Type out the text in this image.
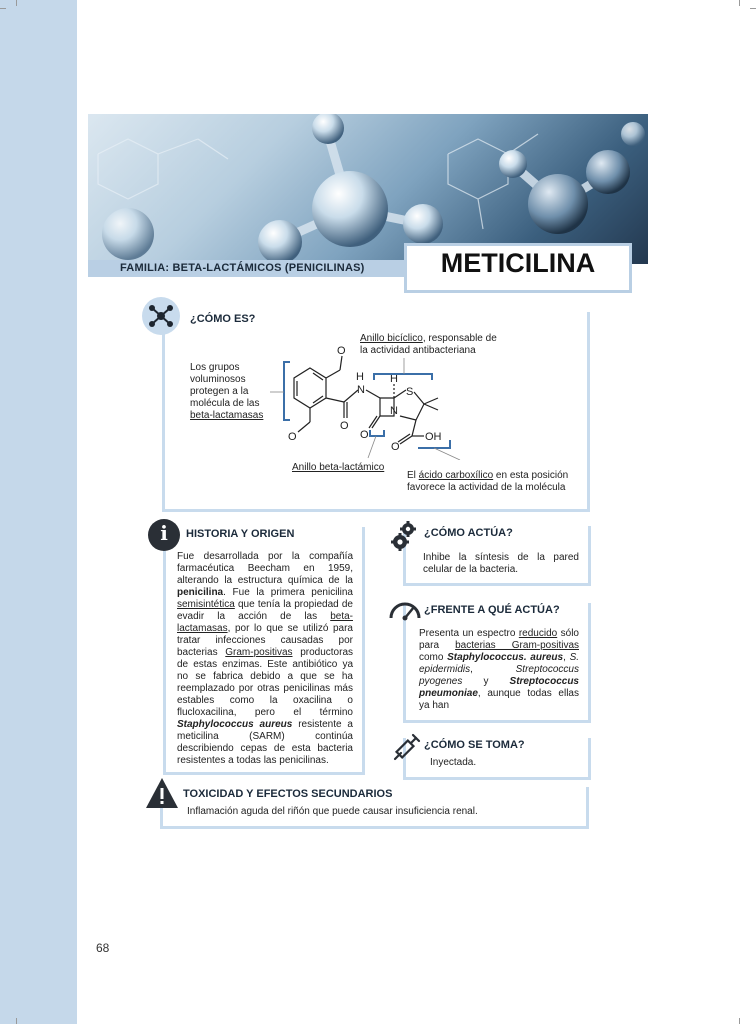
FAMILIA: BETA-LACTÁMICOS (PENICILINAS)	METICILINA
¿CÓMO ES?
Anillo bicíclico, responsable de
la actividad antibacteriana
Los grupos
voluminosos
protegen a la
molécula de las
beta-lactamasas
O
O
H
N
O
H
S
N
O
O
OH
Anillo beta-lactámico
El ácido carboxílico en esta posición
favorece la actividad de la molécula
i	HISTORIA Y ORIGEN
Fue desarrollada por la compañía farmacéutica Beecham en 1959, alterando la estructura química de la penicilina. Fue la primera penicilina semisintética que tenía la propiedad de evadir la acción de las beta-lactamasas, por lo que se utilizó para tratar infecciones causadas por bacterias Gram-positivas productoras de estas enzimas. Este antibiótico ya no se fabrica debido a que se ha reemplazado por otras penicilinas más estables como la oxacilina o flucloxacilina, pero el término Staphylococcus aureus resistente a meticilina (SARM) continúa describiendo cepas de esta bacteria resistentes a todas las penicilinas.
¿CÓMO ACTÚA?
Inhibe la síntesis de la pared celular de la bacteria.
¿FRENTE A QUÉ ACTÚA?
Presenta un espectro reducido sólo para bacterias Gram-positivas como Staphylococcus. aureus, S. epidermidis, Streptococcus pyogenes y Streptococcus pneumoniae, aunque todas ellas ya han
¿CÓMO SE TOMA?
Inyectada.
TOXICIDAD Y EFECTOS SECUNDARIOS
Inflamación aguda del riñón que puede causar insuficiencia renal.
68
